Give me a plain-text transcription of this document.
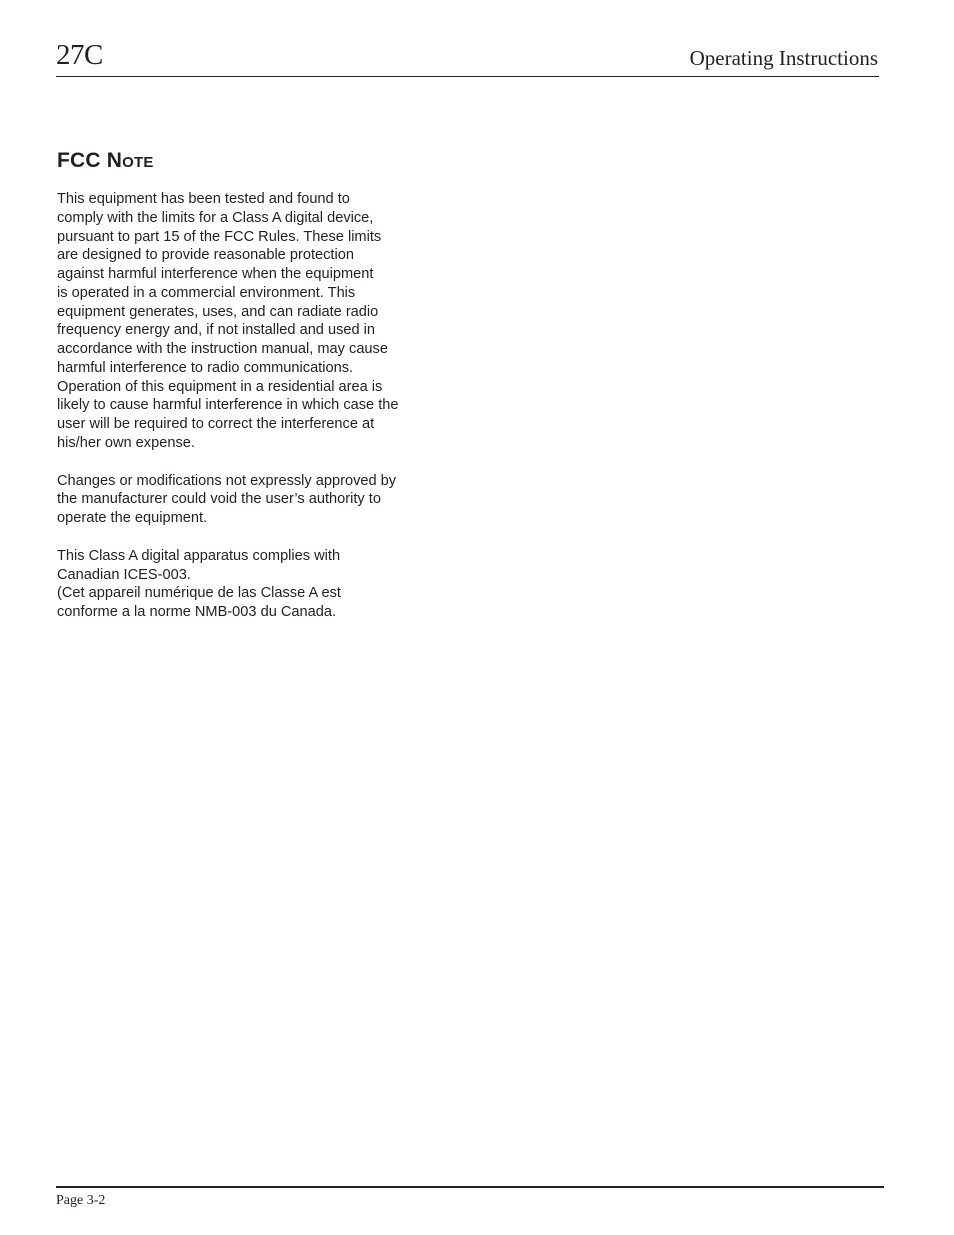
27C	Operating Instructions
FCC Note

This equipment has been tested and found to
comply with the limits for a Class A digital device,
pursuant to part 15 of the FCC Rules. These limits
are designed to provide reasonable protection
against harmful interference when the equipment
is operated in a commercial environment. This
equipment generates, uses, and can radiate radio
frequency energy and, if not installed and used in
accordance with the instruction manual, may cause
harmful interference to radio communications.
Operation of this equipment in a residential area is
likely to cause harmful interference in which case the
user will be required to correct the interference at
his/her own expense.

Changes or modifications not expressly approved by
the manufacturer could void the user’s authority to
operate the equipment.

This Class A digital apparatus complies with
Canadian ICES-003.
(Cet appareil numérique de las Classe A est
conforme a la norme NMB-003 du Canada.

Page 3-2
